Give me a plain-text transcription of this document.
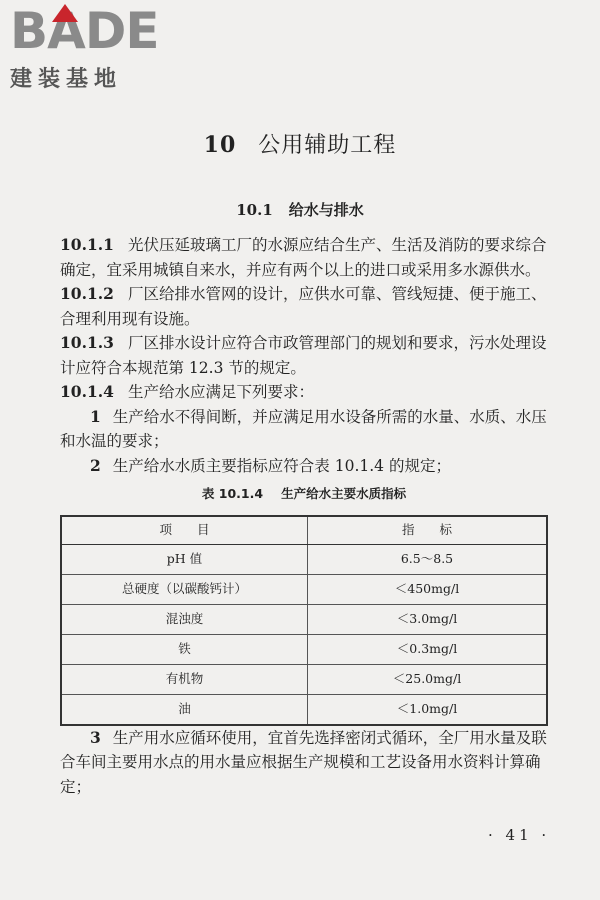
B A DE
建装基地
10 公用辅助工程
10.1 给水与排水

10.1.1 光伏压延玻璃工厂的水源应结合生产、生活及消防的要求综合确定，宜采用城镇自来水，并应有两个以上的进口或采用多水源供水。

10.1.2 厂区给排水管网的设计，应供水可靠、管线短捷、便于施工、合理利用现有设施。

10.1.3 厂区排水设计应符合市政管理部门的规划和要求，污水处理设计应符合本规范第 12.3 节的规定。

10.1.4 生产给水应满足下列要求：

1 生产给水不得间断，并应满足用水设备所需的水量、水质、水压和水温的要求；

2 生产给水水质主要指标应符合表 10.1.4 的规定；

表 10.1.4 生产给水主要水质指标
项　　目	指　　标
pH 值	6.5～8.5
总硬度（以碳酸钙计）	＜450mg/l
混浊度	＜3.0mg/l
铁	＜0.3mg/l
有机物	＜25.0mg/l
油	＜1.0mg/l

3 生产用水应循环使用，宜首先选择密闭式循环，全厂用水量及联合车间主要用水点的用水量应根据生产规模和工艺设备用水资料计算确定；

· 41 ·
